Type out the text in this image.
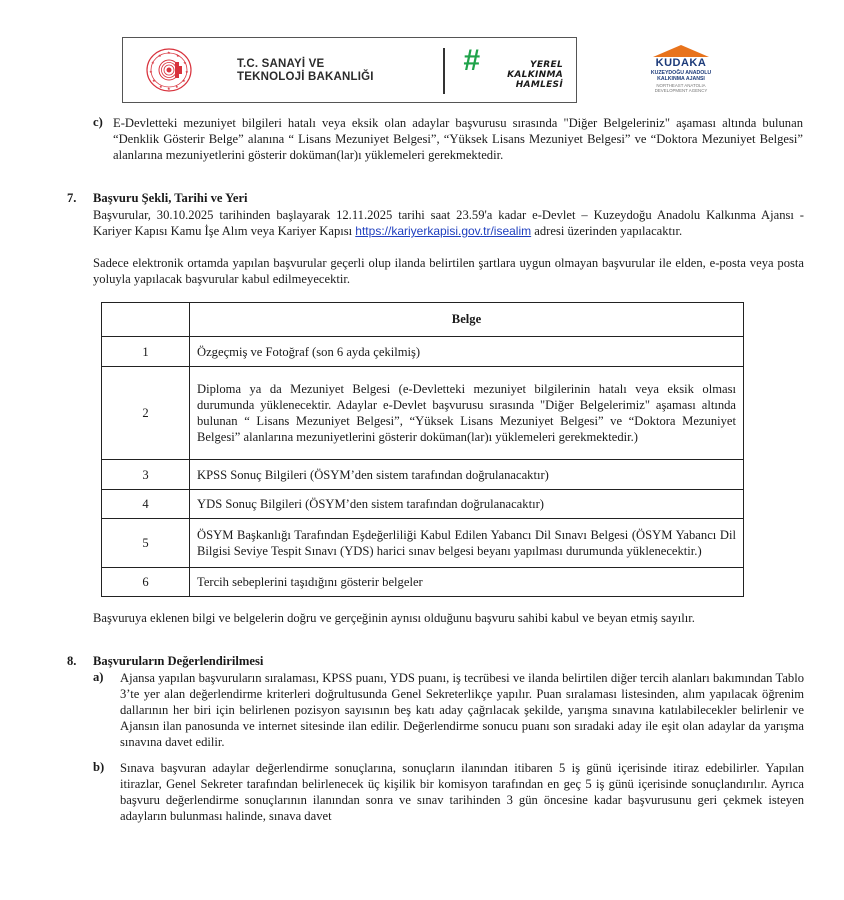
★
★	★
★	★
★	★
★	★
★	★
★
T.C. SANAYİ VE
TEKNOLOJİ BAKANLIĞI	#	YEREL
KALKINMA
HAMLESİ
KUDAKA
KUZEYDOĞU ANADOLU
KALKINMA AJANSI
NORTHEAST ANATOLIA
DEVELOPMENT AGENCY
c) E-Devletteki mezuniyet bilgileri hatalı veya eksik olan adaylar başvurusu sırasında "Diğer Belgeleriniz" aşaması altında bulunan “Denklik Gösterir Belge” alanına “ Lisans Mezuniyet Belgesi”, “Yüksek Lisans Mezuniyet Belgesi” ve “Doktora Mezuniyet Belgesi” alanlarına mezuniyetlerini gösterir doküman(lar)ı yüklemeleri gerekmektedir.
7. Başvuru Şekli, Tarihi ve Yeri
Başvurular, 30.10.2025 tarihinden başlayarak 12.11.2025 tarihi saat 23.59'a kadar e-Devlet – Kuzeydoğu Anadolu Kalkınma Ajansı - Kariyer Kapısı Kamu İşe Alım veya Kariyer Kapısı https://kariyerkapisi.gov.tr/isealim adresi üzerinden yapılacaktır.
Sadece elektronik ortamda yapılan başvurular geçerli olup ilanda belirtilen şartlara uygun olmayan başvurular ile elden, e-posta veya posta yoluyla yapılacak başvurular kabul edilmeyecektir.
	Belge
1	Özgeçmiş ve Fotoğraf (son 6 ayda çekilmiş)
2	Diploma ya da Mezuniyet Belgesi (e-Devletteki mezuniyet bilgilerinin hatalı veya eksik olması durumunda yüklenecektir. Adaylar e-Devlet başvurusu sırasında "Diğer Belgelerimiz" aşaması altında bulunan “ Lisans Mezuniyet Belgesi”, “Yüksek Lisans Mezuniyet Belgesi” ve “Doktora Mezuniyet Belgesi” alanlarına mezuniyetlerini gösterir doküman(lar)ı yüklemeleri gerekmektedir.)
3	KPSS Sonuç Bilgileri (ÖSYM’den sistem tarafından doğrulanacaktır)
4	YDS Sonuç Bilgileri (ÖSYM’den sistem tarafından doğrulanacaktır)
5	ÖSYM Başkanlığı Tarafından Eşdeğerliliği Kabul Edilen Yabancı Dil Sınavı Belgesi (ÖSYM Yabancı Dil Bilgisi Seviye Tespit Sınavı (YDS) harici sınav belgesi beyanı yapılması durumunda yüklenecektir.)
6	Tercih sebeplerini taşıdığını gösterir belgeler
Başvuruya eklenen bilgi ve belgelerin doğru ve gerçeğinin aynısı olduğunu başvuru sahibi kabul ve beyan etmiş sayılır.
8. Başvuruların Değerlendirilmesi
a) Ajansa yapılan başvuruların sıralaması, KPSS puanı, YDS puanı, iş tecrübesi ve ilanda belirtilen diğer tercih alanları bakımından Tablo 3’te yer alan değerlendirme kriterleri doğrultusunda Genel Sekreterlikçe yapılır. Puan sıralaması listesinden, alım yapılacak öğrenim dallarının her biri için belirlenen pozisyon sayısının beş katı aday çağrılacak şekilde, yarışma sınavına katılabilecekler belirlenir ve Ajansın ilan panosunda ve internet sitesinde ilan edilir. Değerlendirme sonucu puanı son sıradaki aday ile eşit olan adaylar da yarışma sınavına davet edilir.
b) Sınava başvuran adaylar değerlendirme sonuçlarına, sonuçların ilanından itibaren 5 iş günü içerisinde itiraz edebilirler. Yapılan itirazlar, Genel Sekreter tarafından belirlenecek üç kişilik bir komisyon tarafından en geç 5 iş günü içerisinde sonuçlandırılır. Ayrıca başvuru değerlendirme sonuçlarının ilanından sonra ve sınav tarihinden 3 gün öncesine kadar başvurusunu geri çekmek isteyen adayların bulunması halinde, sınava davet
